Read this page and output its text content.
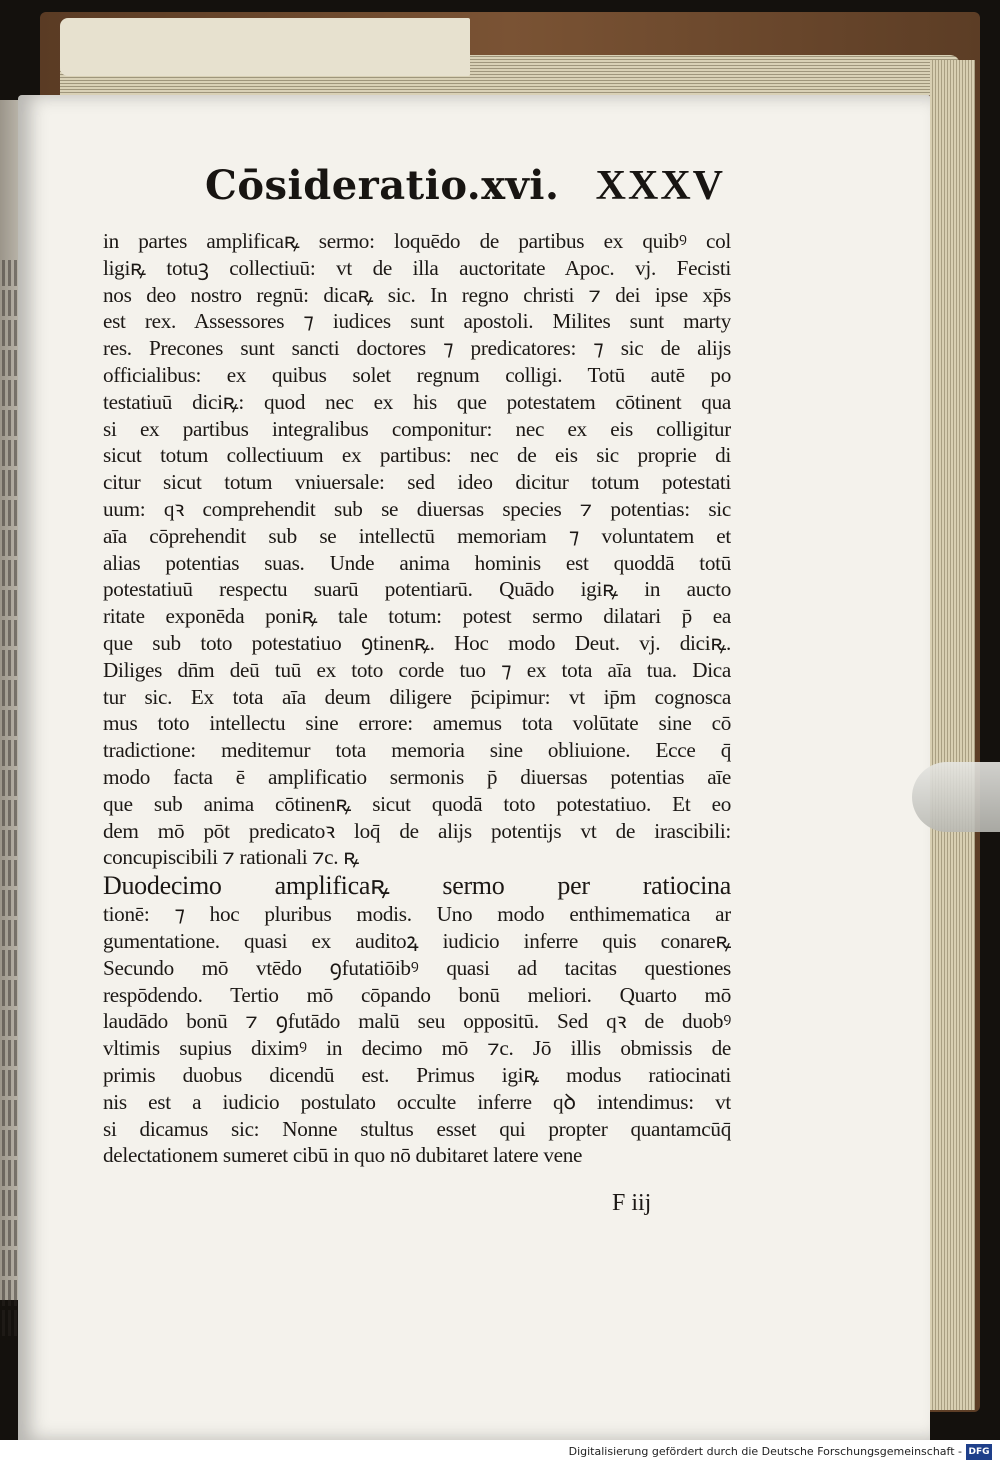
Cōsideratio.xvi. XXXV
in partes amplificaꝶ sermo: loquēdo de partibus ex quibꝰ col
ligiꝶ totuꝫ collectiuū: vt de illa auctoritate Apoc. vj. Fecisti
nos deo nostro regnū: dicaꝶ sic. In regno christi ⁊ dei ipse xp̄s
est rex. Assessores ⁊ iudices sunt apostoli. Milites sunt marty
res. Precones sunt sancti doctores ⁊ predicatores: ⁊ sic de alijs
officialibus: ex quibus solet regnum colligi. Totū autē po
testatiuū diciꝶ: quod nec ex his que potestatem cōtinent qua
si ex partibus integralibus componitur: nec ex eis colligitur
sicut totum collectiuum ex partibus: nec de eis sic proprie di
citur sicut totum vniuersale: sed ideo dicitur totum potestati
uum: qꝛ comprehendit sub se diuersas species ⁊ potentias: sic
aīa cōprehendit sub se intellectū memoriam ⁊ voluntatem et
alias potentias suas. Unde anima hominis est quoddā totū
potestatiuū respectu suarū potentiarū. Quādo igiꝶ in aucto
ritate exponēda poniꝶ tale totum: potest sermo dilatari p̄ ea
que sub toto potestatiuo ꝯtinenꝶ. Hoc modo Deut. vj. diciꝶ.
Diliges dn̄m deū tuū ex toto corde tuo ⁊ ex tota aīa tua. Dica
tur sic. Ex tota aīa deum diligere p̄cipimur: vt ip̄m cognosca
mus toto intellectu sine errore: amemus tota volūtate sine cō
tradictione: meditemur tota memoria sine obliuione. Ecce q̄
modo facta ē amplificatio sermonis p̄ diuersas potentias aīe
que sub anima cōtinenꝶ sicut quodā toto potestatiuo. Et eo
dem mō pōt predicatoꝛ loq̄ de alijs potentijs vt de irascibili:
concupiscibili ⁊ rationali ⁊c. ꝶ
Duodecimo amplificaꝶ sermo per ratiocina
tionē: ⁊ hoc pluribus modis. Uno modo enthimematica ar
gumentatione. quasi ex auditoꝝ iudicio inferre quis conareꝶ
Secundo mō vtēdo ꝯfutatiōibꝰ quasi ad tacitas questiones
respōdendo. Tertio mō cōpando bonū meliori. Quarto mō
laudādo bonū ⁊ ꝯfutādo malū seu oppositū. Sed qꝛ de duobꝰ
vltimis supius diximꝰ in decimo mō ⁊c. Jō illis obmissis de
primis duobus dicendū est. Primus igiꝶ modus ratiocinati
nis est a iudicio postulato occulte inferre qꝺ intendimus: vt
si dicamus sic: Nonne stultus esset qui propter quantamcūq̄
delectationem sumeret cibū in quo nō dubitaret latere vene
F iij
Digitalisierung gefördert durch die Deutsche Forschungsgemeinschaft - DFG
